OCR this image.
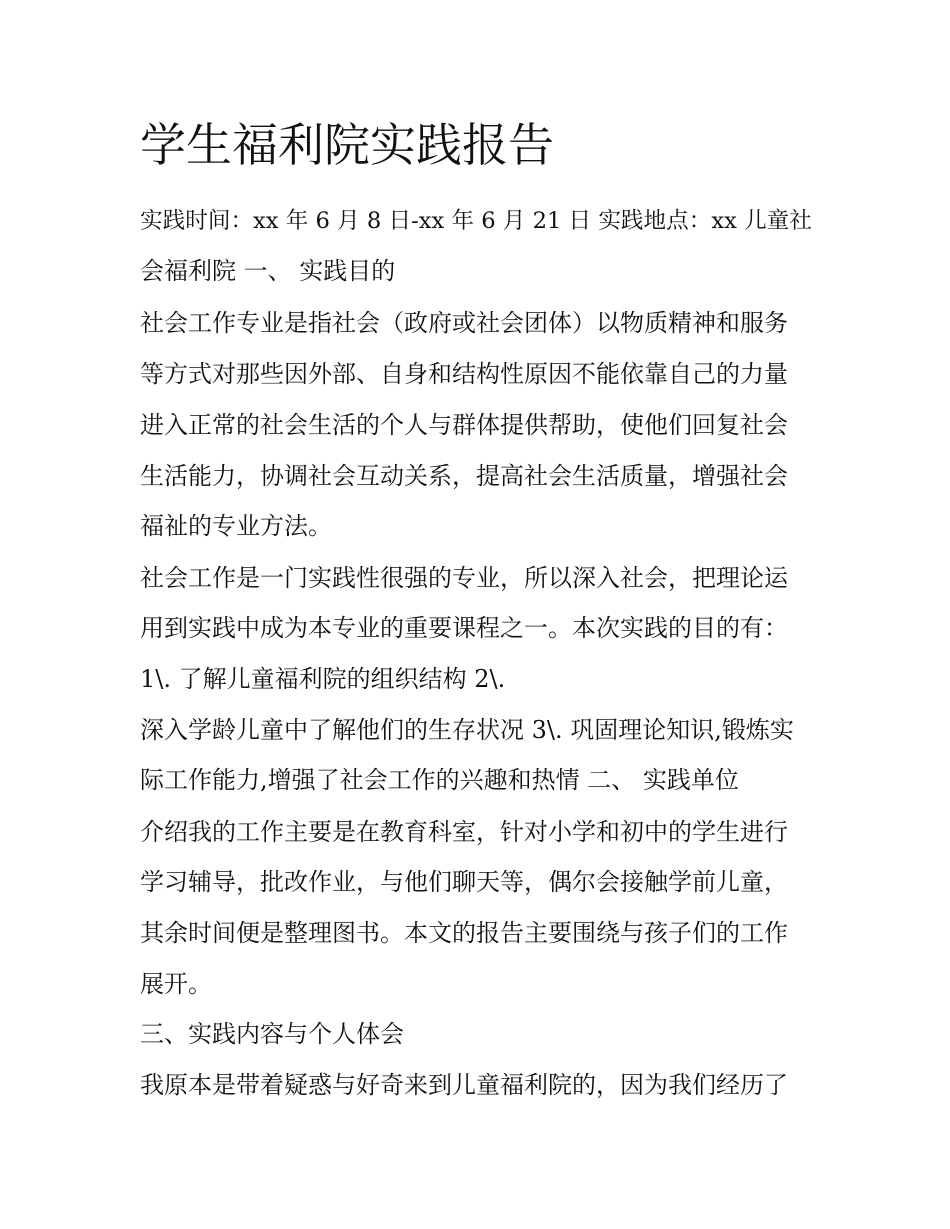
学生福利院实践报告

实践时间：xx 年 6 月 8 日-xx 年 6 月 21 日 实践地点：xx 儿童社

会福利院 一、 实践目的

社会工作专业是指社会（政府或社会团体）以物质精神和服务

等方式对那些因外部、自身和结构性原因不能依靠自己的力量

进入正常的社会生活的个人与群体提供帮助，使他们回复社会

生活能力，协调社会互动关系，提高社会生活质量，增强社会

福祉的专业方法。

社会工作是一门实践性很强的专业，所以深入社会，把理论运

用到实践中成为本专业的重要课程之一。本次实践的目的有：

1\. 了解儿童福利院的组织结构 2\.

深入学龄儿童中了解他们的生存状况 3\. 巩固理论知识,锻炼实

际工作能力,增强了社会工作的兴趣和热情 二、 实践单位

介绍我的工作主要是在教育科室，针对小学和初中的学生进行

学习辅导，批改作业，与他们聊天等，偶尔会接触学前儿童，

其余时间便是整理图书。本文的报告主要围绕与孩子们的工作

展开。

三、实践内容与个人体会

我原本是带着疑惑与好奇来到儿童福利院的，因为我们经历了
